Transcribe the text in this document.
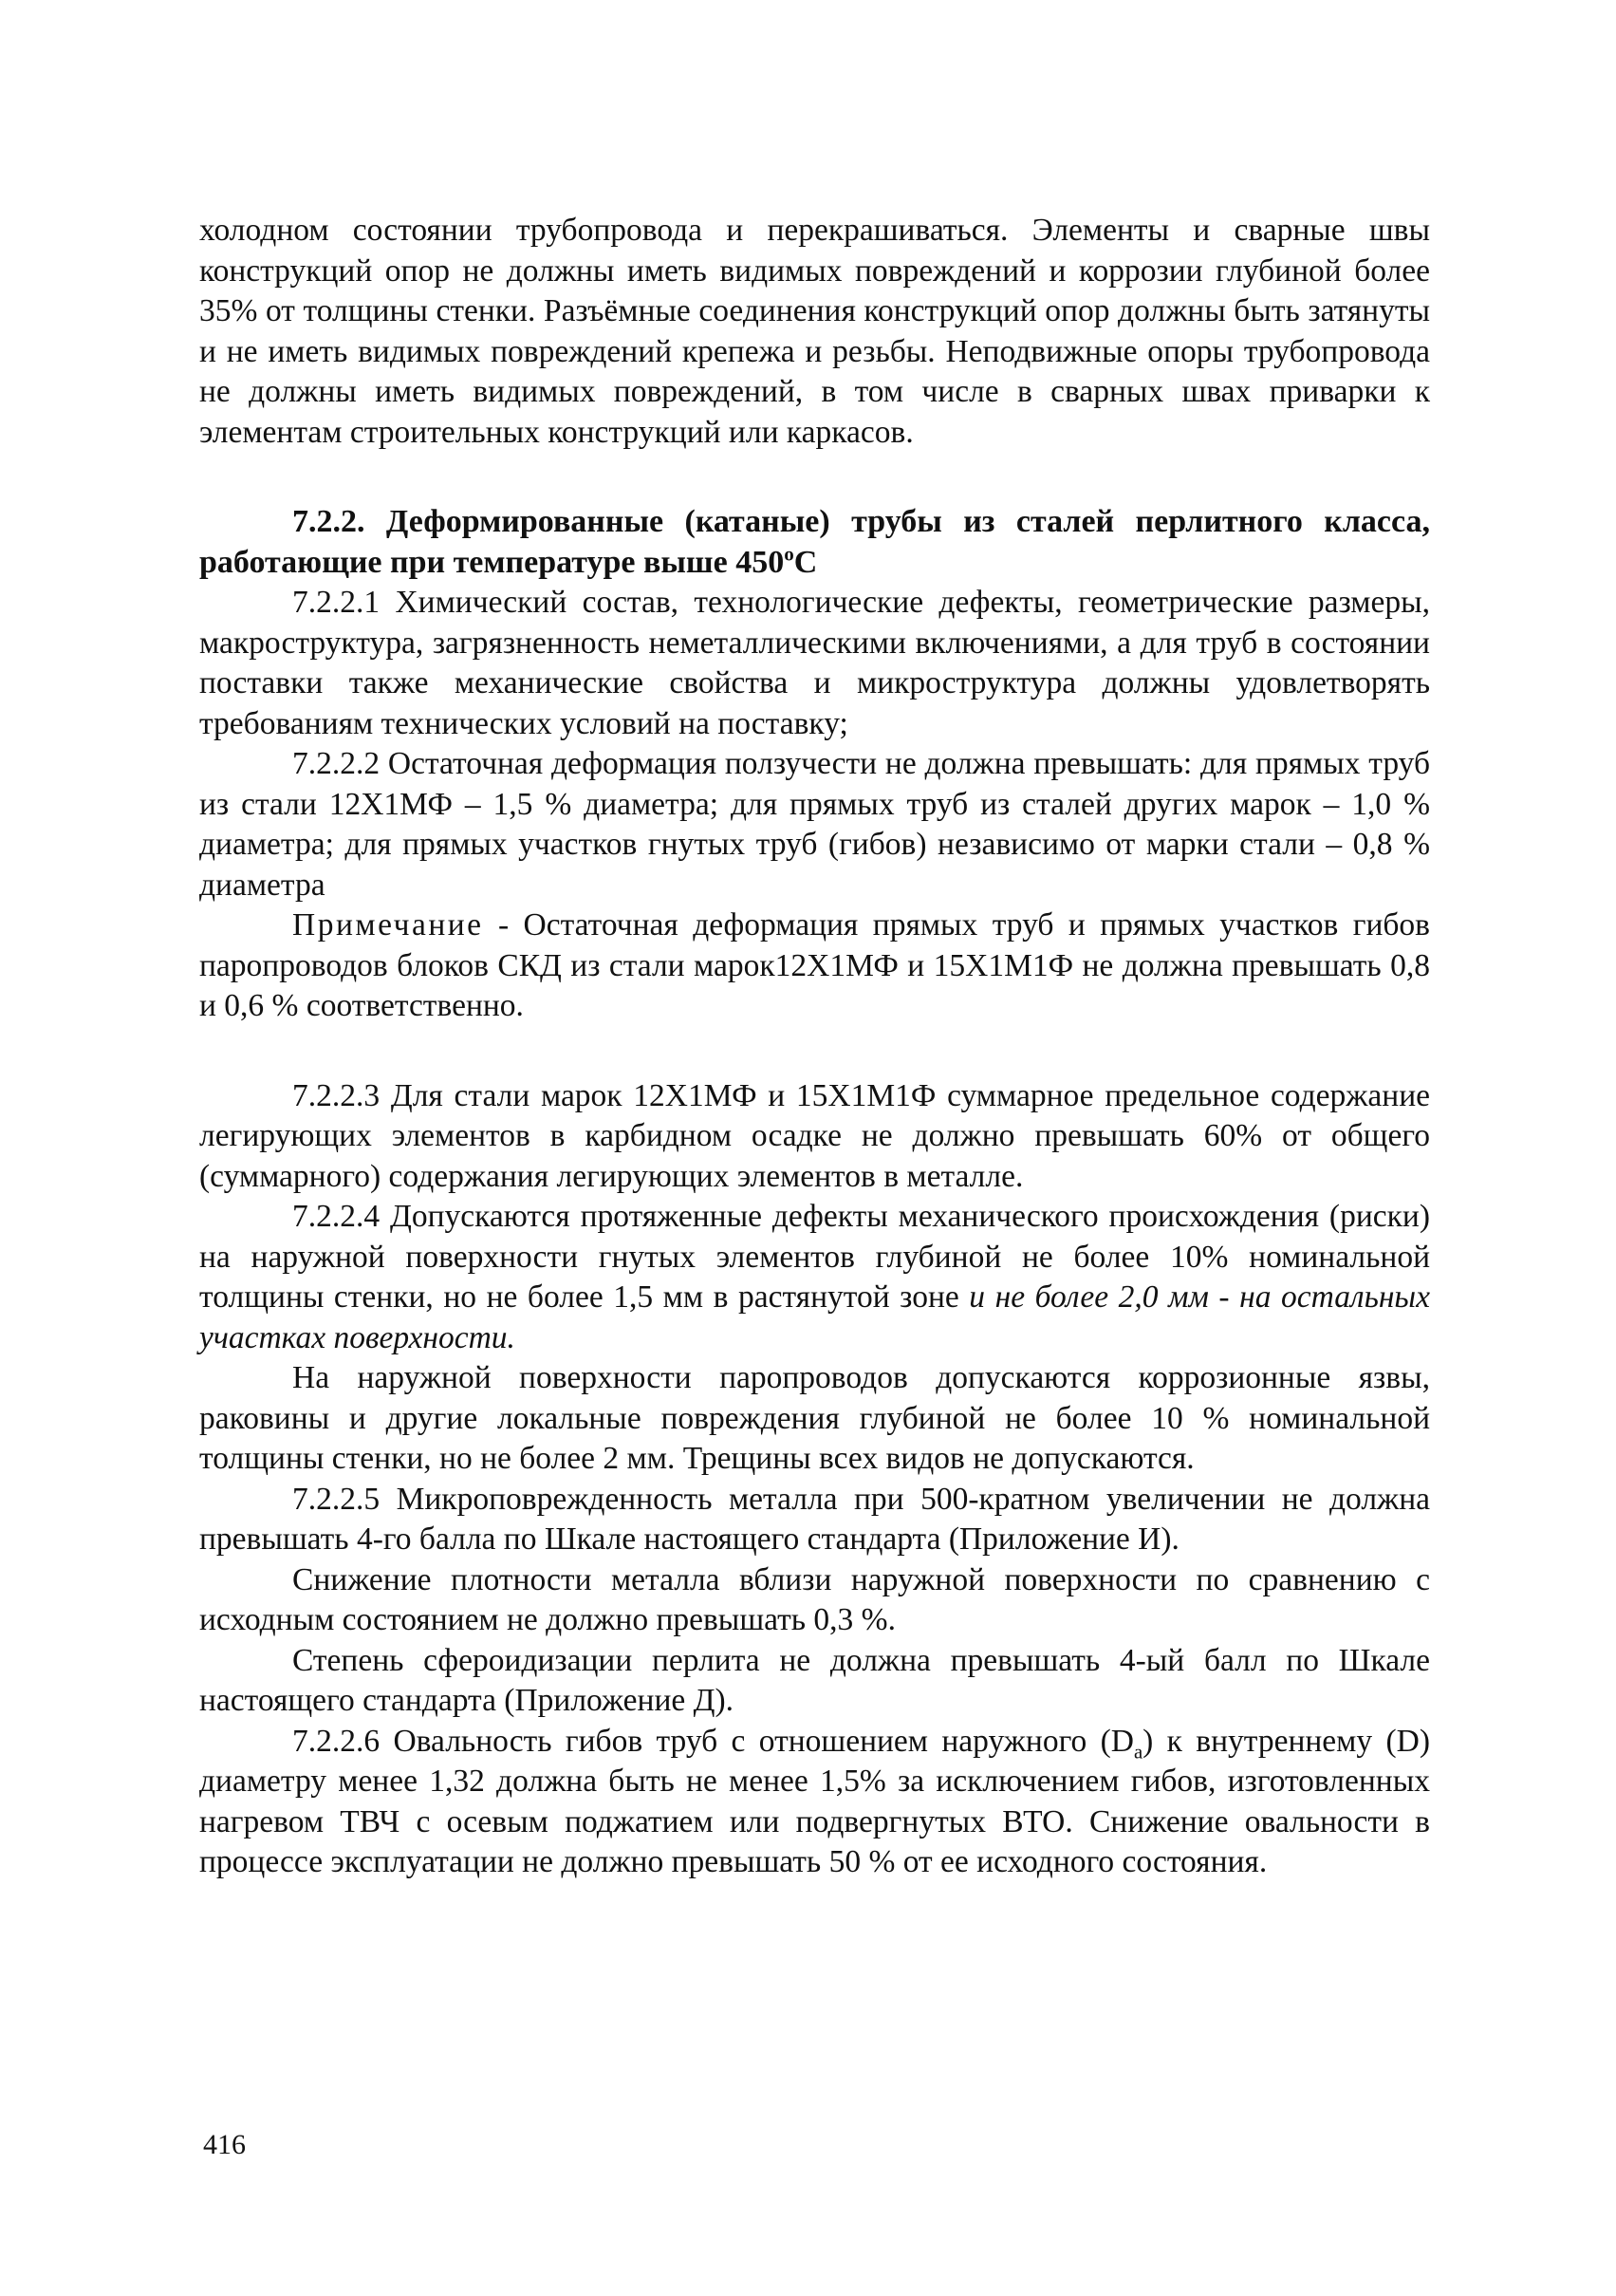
холодном состоянии трубопровода и перекрашиваться. Элементы и сварные швы конструкций опор не должны иметь видимых повреждений и коррозии глубиной более 35% от толщины стенки. Разъёмные соединения конструкций опор должны быть затянуты и не иметь видимых повреждений крепежа и резьбы. Неподвижные опоры трубопровода не должны иметь видимых повреждений, в том числе в сварных швах приварки к элементам строительных конструкций или каркасов.

7.2.2. Деформированные (катаные) трубы из сталей перлитного класса, работающие при температуре выше $450^оС$

7.2.2.1 Химический состав, технологические дефекты, геометрические размеры, макроструктура, загрязненность неметаллическими включениями, а для труб в состоянии поставки также механические свойства и микроструктура должны удовлетворять требованиям технических условий на поставку;

7.2.2.2 Остаточная деформация ползучести не должна превышать: для прямых труб из стали 12Х1МФ – 1,5 % диаметра; для прямых труб из сталей других марок – 1,0 % диаметра; для прямых участков гнутых труб (гибов) независимо от марки стали – 0,8 % диаметра

Примечание - Остаточная деформация прямых труб и прямых участков гибов паропроводов блоков СКД из стали марок12Х1МФ и 15Х1М1Ф не должна превышать 0,8 и 0,6 % соответственно.

7.2.2.3 Для стали марок 12Х1МФ и 15Х1М1Ф суммарное предельное содержание легирующих элементов в карбидном осадке не должно превышать 60% от общего (суммарного) содержания легирующих элементов в металле.

7.2.2.4 Допускаются протяженные дефекты механического происхождения (риски) на наружной поверхности гнутых элементов глубиной не более 10% номинальной толщины стенки, но не более 1,5 мм в растянутой зоне и не более 2,0 мм - на остальных участках поверхности.

На наружной поверхности паропроводов допускаются коррозионные язвы, раковины и другие локальные повреждения глубиной не более 10 % номинальной толщины стенки, но не более 2 мм. Трещины всех видов не допускаются.

7.2.2.5 Микроповрежденность металла при 500-кратном увеличении не должна превышать 4-го балла по Шкале настоящего стандарта (Приложение И).

Снижение плотности металла вблизи наружной поверхности по сравнению с исходным состоянием не должно превышать 0,3 %.

Степень сфероидизации перлита не должна превышать 4-ый балл по Шкале настоящего стандарта (Приложение Д).

7.2.2.6 Овальность гибов труб с отношением наружного $(D_а)$ к внутреннему (D) диаметру менее 1,32 должна быть не менее 1,5% за исключением гибов, изготовленных нагревом ТВЧ с осевым поджатием или подвергнутых ВТО. Снижение овальности в процессе эксплуатации не должно превышать 50 % от ее исходного состояния.

416
